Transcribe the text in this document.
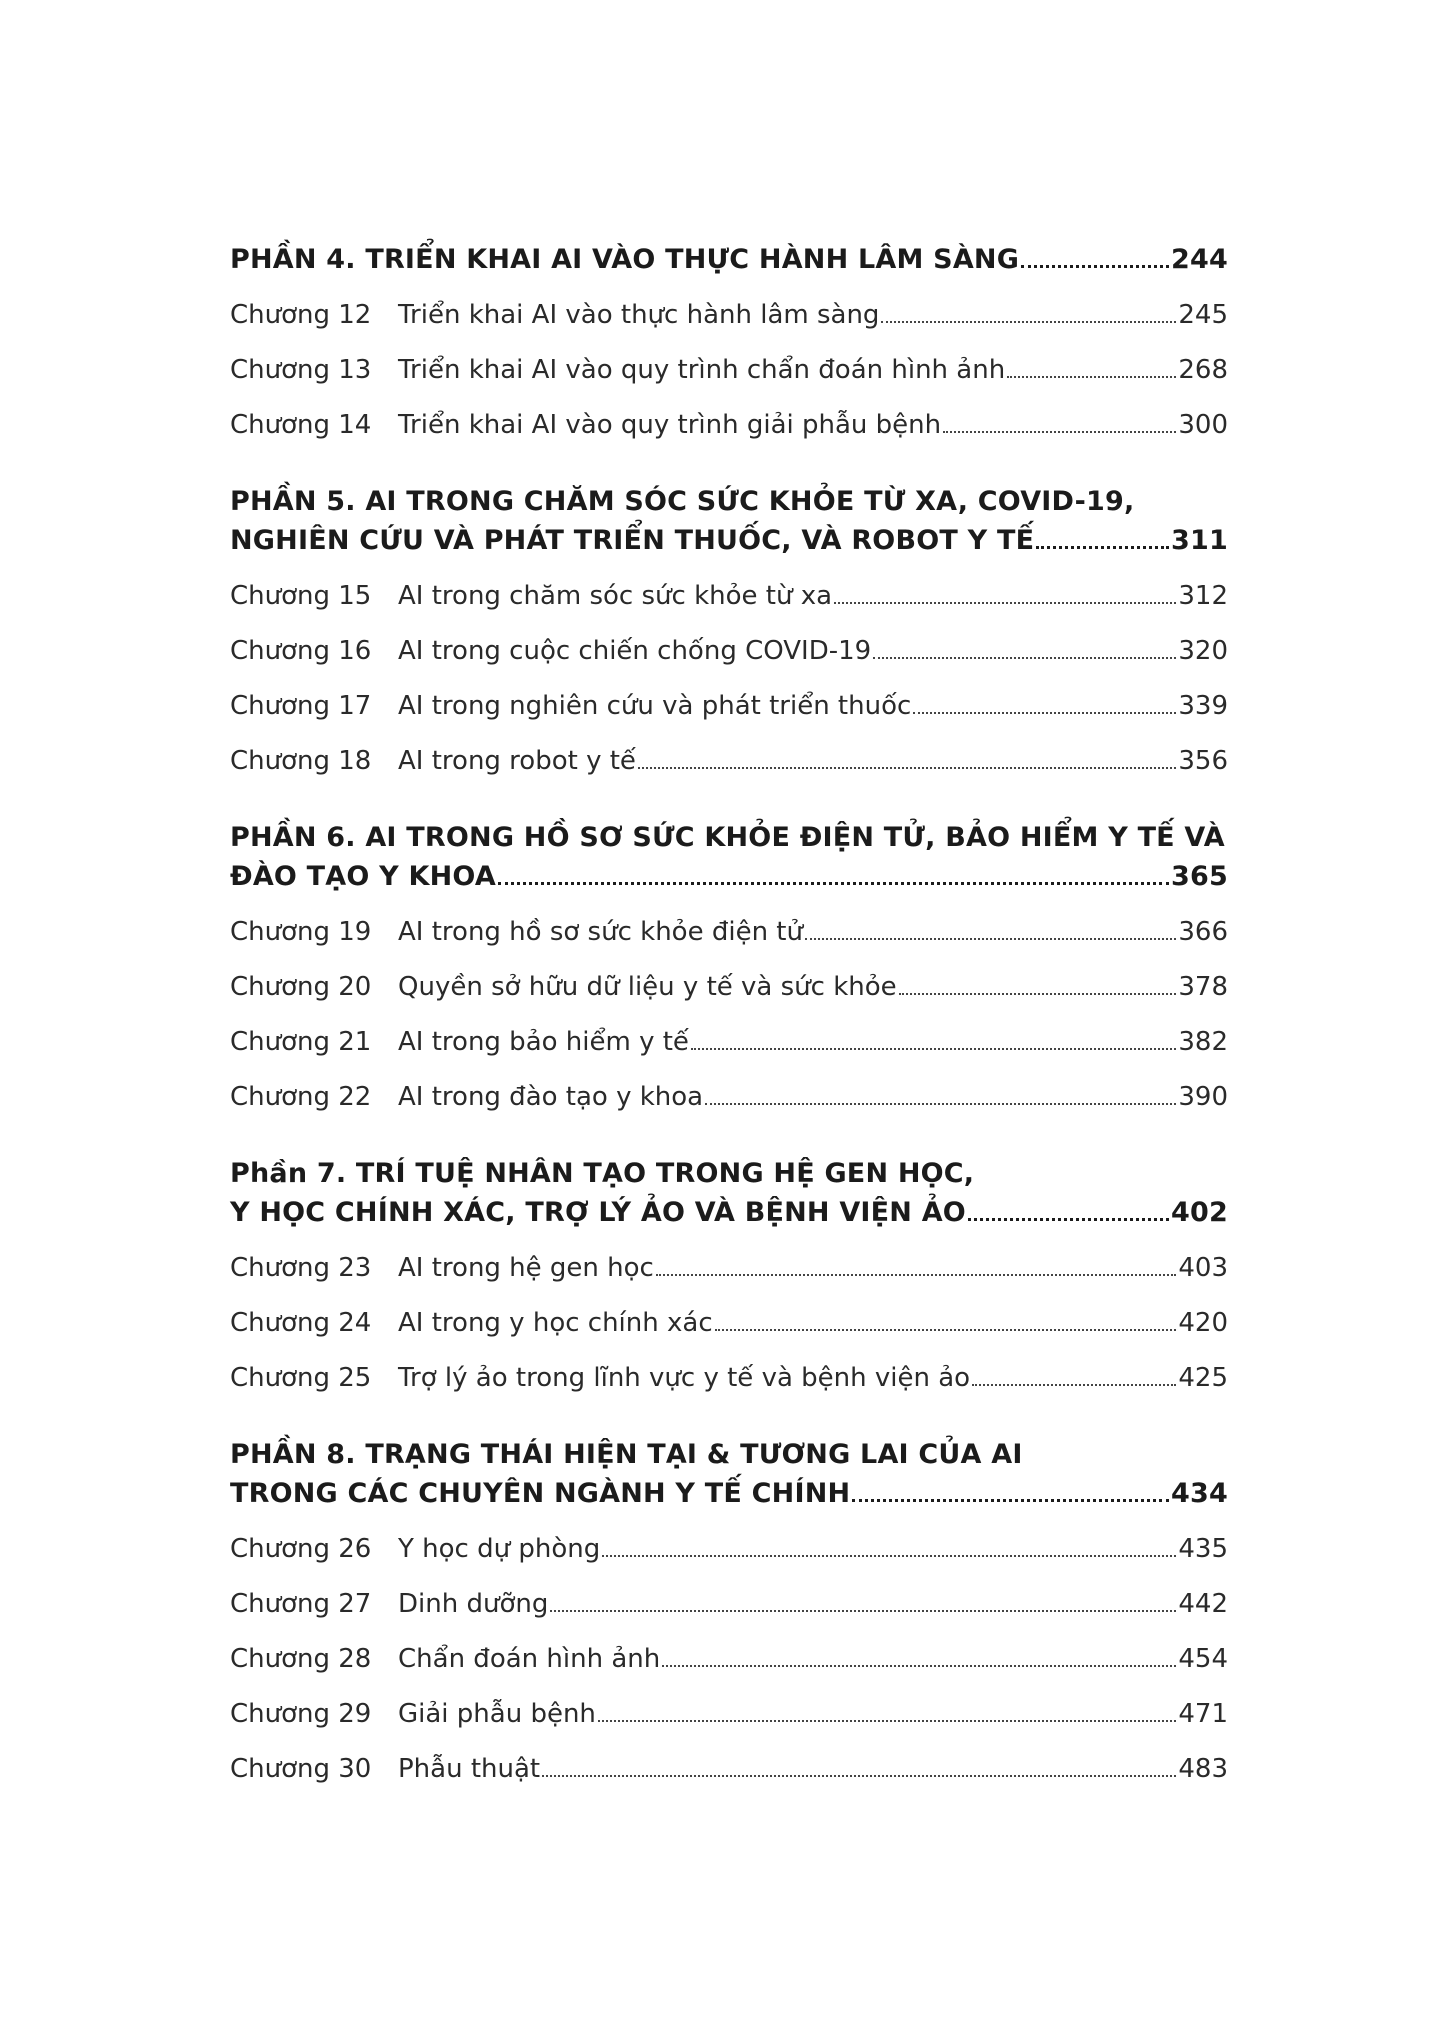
PHẦN 4. TRIỂN KHAI AI VÀO THỰC HÀNH LÂM SÀNG	244
Chương 12	Triển khai AI vào thực hành lâm sàng	245
Chương 13	Triển khai AI vào quy trình chẩn đoán hình ảnh	268
Chương 14	Triển khai AI vào quy trình giải phẫu bệnh	300
PHẦN 5. AI TRONG CHĂM SÓC SỨC KHỎE TỪ XA, COVID-19,
NGHIÊN CỨU VÀ PHÁT TRIỂN THUỐC, VÀ ROBOT Y TẾ	311
Chương 15	AI trong chăm sóc sức khỏe từ xa	312
Chương 16	AI trong cuộc chiến chống COVID-19	320
Chương 17	AI trong nghiên cứu và phát triển thuốc	339
Chương 18	AI trong robot y tế	356
PHẦN 6. AI TRONG HỒ SƠ SỨC KHỎE ĐIỆN TỬ, BẢO HIỂM Y TẾ VÀ
ĐÀO TẠO Y KHOA	365
Chương 19	AI trong hồ sơ sức khỏe điện tử	366
Chương 20	Quyền sở hữu dữ liệu y tế và sức khỏe	378
Chương 21	AI trong bảo hiểm y tế	382
Chương 22	AI trong đào tạo y khoa	390
Phần 7. TRÍ TUỆ NHÂN TẠO TRONG HỆ GEN HỌC,
Y HỌC CHÍNH XÁC, TRỢ LÝ ẢO VÀ BỆNH VIỆN ẢO	402
Chương 23	AI trong hệ gen học	403
Chương 24	AI trong y học chính xác	420
Chương 25	Trợ lý ảo trong lĩnh vực y tế và bệnh viện ảo	425
PHẦN 8. TRẠNG THÁI HIỆN TẠI & TƯƠNG LAI CỦA AI
TRONG CÁC CHUYÊN NGÀNH Y TẾ CHÍNH	434
Chương 26	Y học dự phòng	435
Chương 27	Dinh dưỡng	442
Chương 28	Chẩn đoán hình ảnh	454
Chương 29	Giải phẫu bệnh	471
Chương 30	Phẫu thuật	483
